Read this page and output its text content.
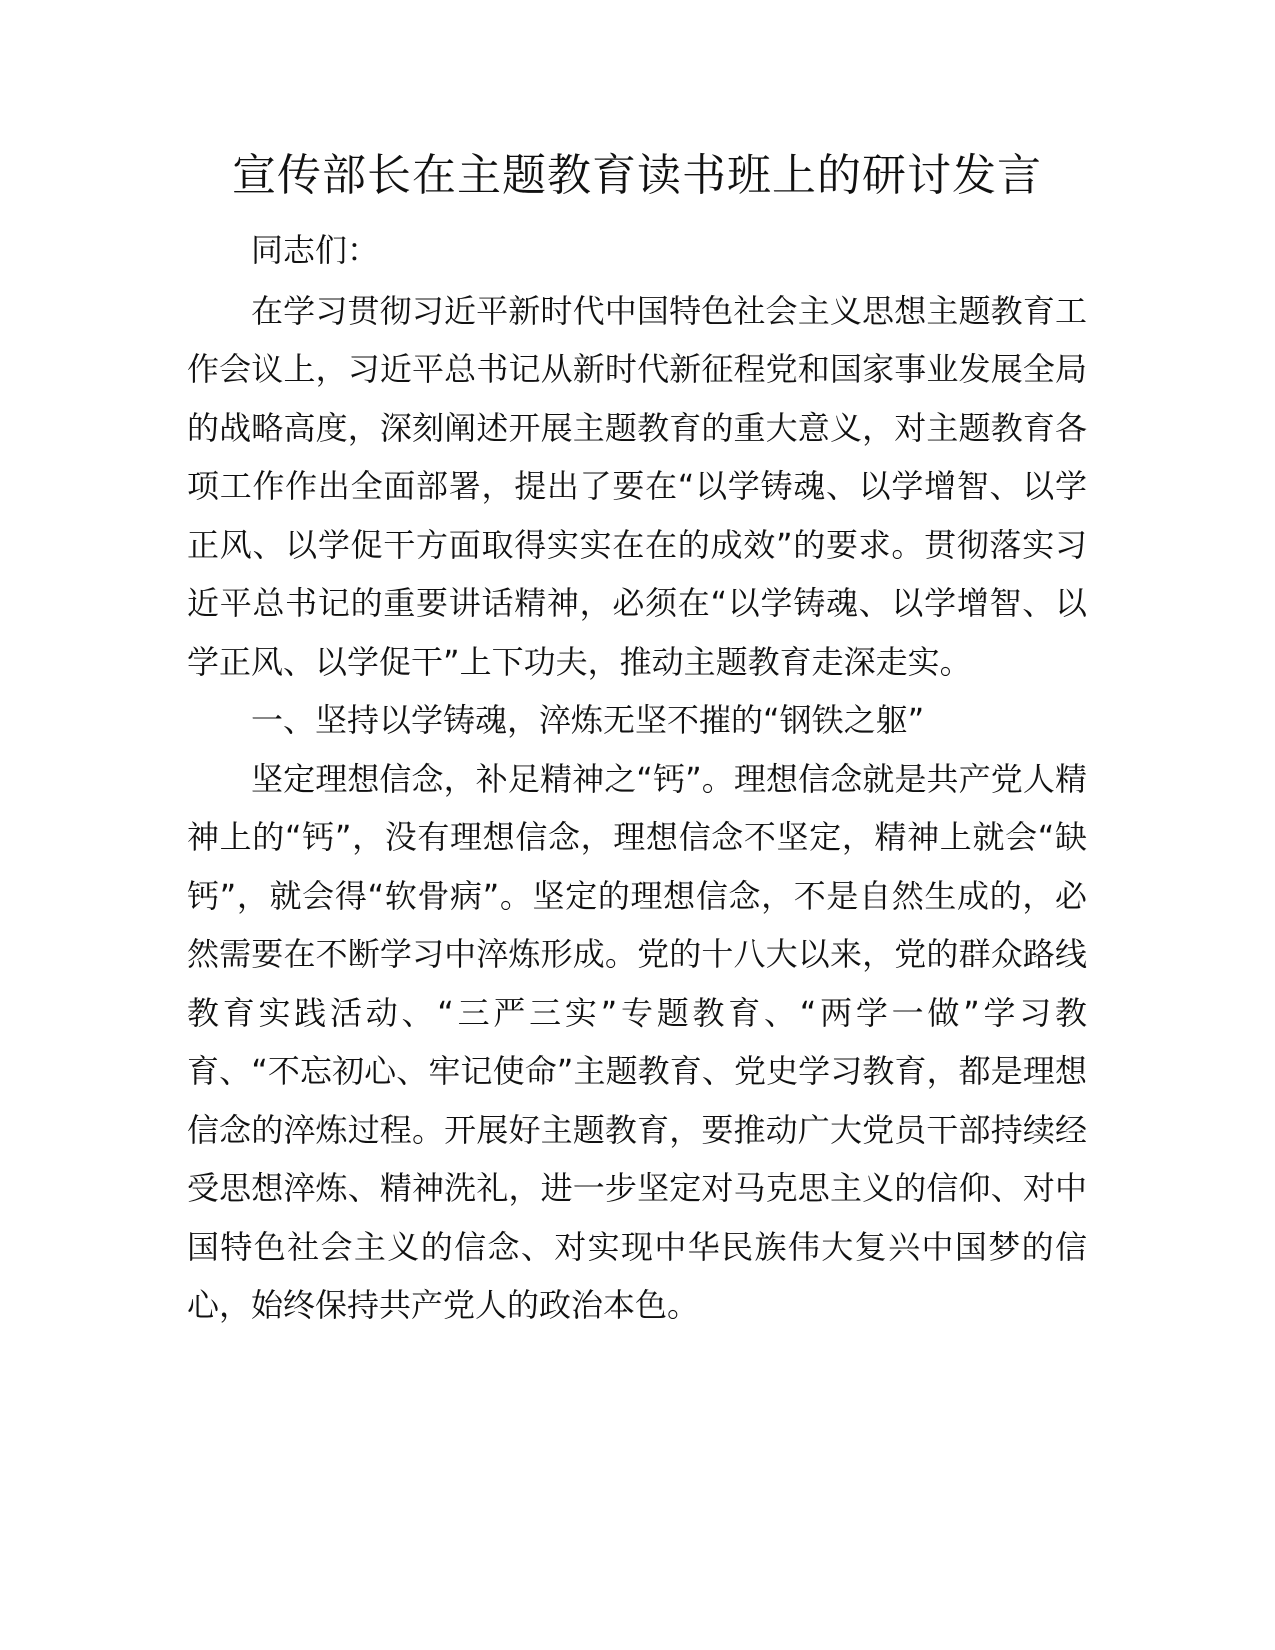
宣传部长在主题教育读书班上的研讨发言

同志们：

在学习贯彻习近平新时代中国特色社会主义思想主题教育工作会议上，习近平总书记从新时代新征程党和国家事业发展全局的战略高度，深刻阐述开展主题教育的重大意义，对主题教育各项工作作出全面部署，提出了要在“以学铸魂、以学增智、以学正风、以学促干方面取得实实在在的成效”的要求。贯彻落实习近平总书记的重要讲话精神，必须在“以学铸魂、以学增智、以学正风、以学促干”上下功夫，推动主题教育走深走实。

一、坚持以学铸魂，淬炼无坚不摧的“钢铁之躯”

坚定理想信念，补足精神之“钙”。理想信念就是共产党人精神上的“钙”，没有理想信念，理想信念不坚定，精神上就会“缺钙”，就会得“软骨病”。坚定的理想信念，不是自然生成的，必然需要在不断学习中淬炼形成。党的十八大以来，党的群众路线教育实践活动、“三严三实”专题教育、“两学一做”学习教育、“不忘初心、牢记使命”主题教育、党史学习教育，都是理想信念的淬炼过程。开展好主题教育，要推动广大党员干部持续经受思想淬炼、精神洗礼，进一步坚定对马克思主义的信仰、对中国特色社会主义的信念、对实现中华民族伟大复兴中国梦的信心，始终保持共产党人的政治本色。
